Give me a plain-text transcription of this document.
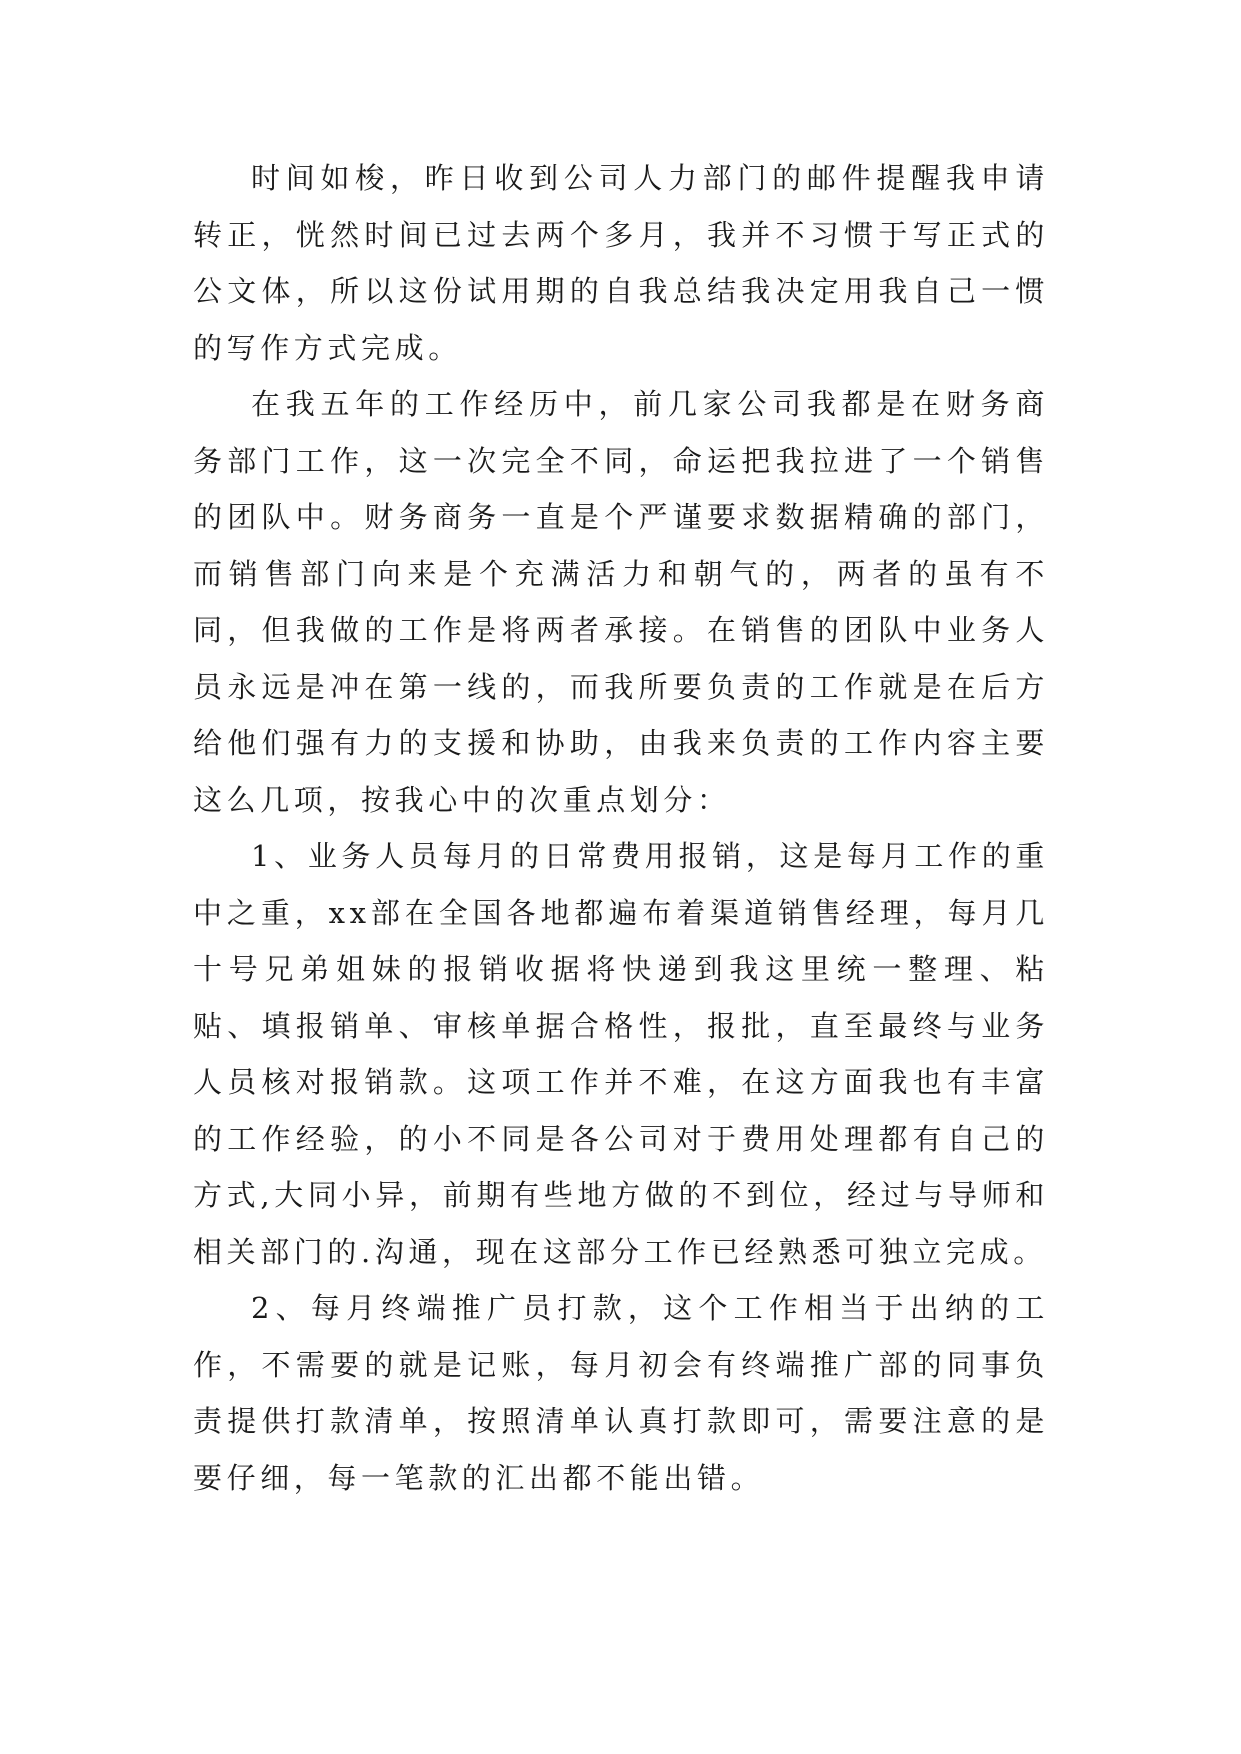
时间如梭，昨日收到公司人力部门的邮件提醒我申请转正，恍然时间已过去两个多月，我并不习惯于写正式的公文体，所以这份试用期的自我总结我决定用我自己一惯的写作方式完成。

在我五年的工作经历中，前几家公司我都是在财务商务部门工作，这一次完全不同，命运把我拉进了一个销售的团队中。财务商务一直是个严谨要求数据精确的部门，而销售部门向来是个充满活力和朝气的，两者的虽有不同，但我做的工作是将两者承接。在销售的团队中业务人员永远是冲在第一线的，而我所要负责的工作就是在后方给他们强有力的支援和协助，由我来负责的工作内容主要这么几项，按我心中的次重点划分：

1、业务人员每月的日常费用报销，这是每月工作的重中之重，xx部在全国各地都遍布着渠道销售经理，每月几十号兄弟姐妹的报销收据将快递到我这里统一整理、粘贴、填报销单、审核单据合格性，报批，直至最终与业务人员核对报销款。这项工作并不难，在这方面我也有丰富的工作经验，的小不同是各公司对于费用处理都有自己的方式,大同小异，前期有些地方做的不到位，经过与导师和相关部门的.沟通，现在这部分工作已经熟悉可独立完成。

2、每月终端推广员打款，这个工作相当于出纳的工作，不需要的就是记账，每月初会有终端推广部的同事负责提供打款清单，按照清单认真打款即可，需要注意的是要仔细，每一笔款的汇出都不能出错。
